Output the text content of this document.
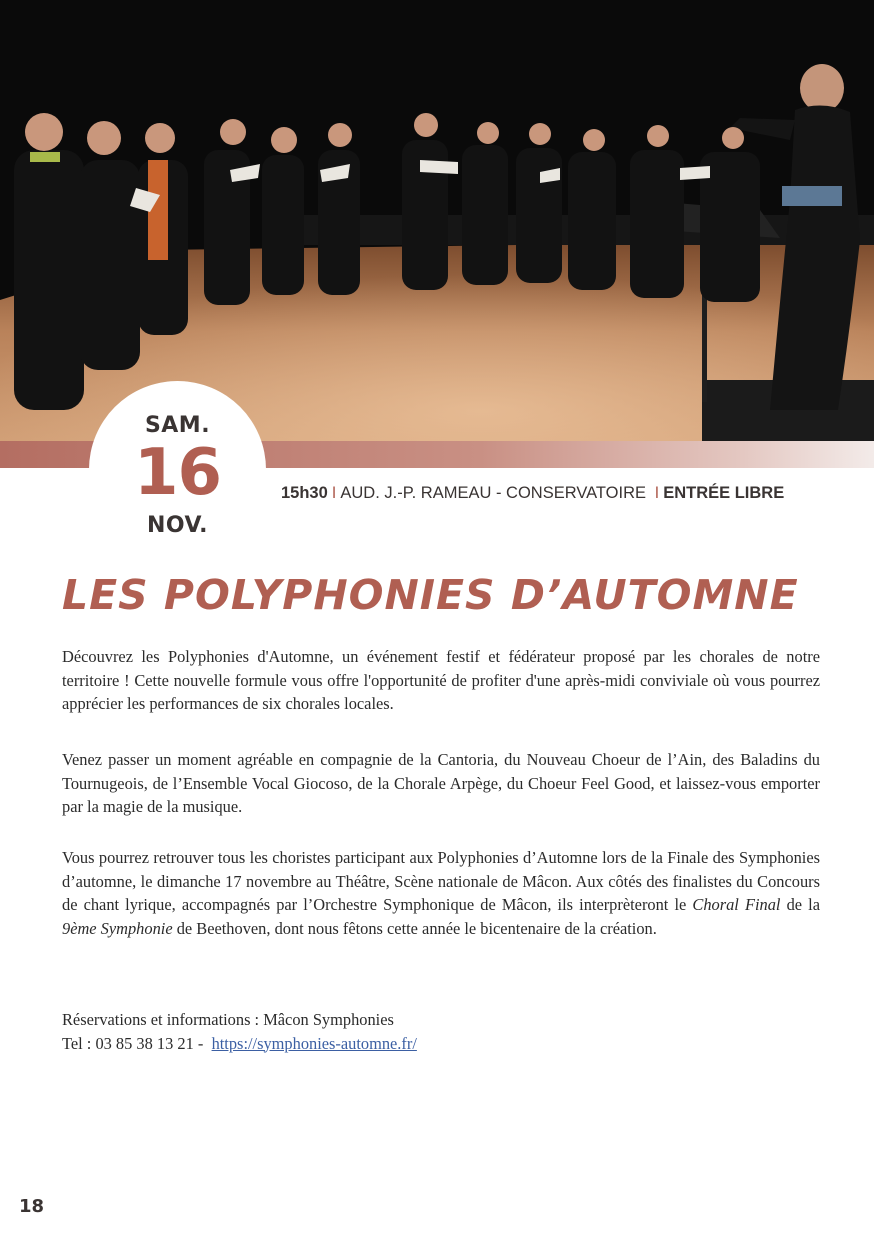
SAM.
16
NOV.
15h30 I AUD. J.-P. RAMEAU - CONSERVATOIRE I ENTRÉE LIBRE
LES POLYPHONIES D’AUTOMNE

Découvrez les Polyphonies d'Automne, un événement festif et fédérateur proposé par les chorales de notre territoire ! Cette nouvelle formule vous offre l'opportunité de profiter d'une après-midi conviviale où vous pourrez apprécier les performances de six chorales locales.

Venez passer un moment agréable en compagnie de la Cantoria, du Nouveau Choeur de l’Ain, des Baladins du Tournugeois, de l’Ensemble Vocal Giocoso, de la Chorale Arpège, du Choeur Feel Good, et laissez-vous emporter par la magie de la musique.

Vous pourrez retrouver tous les choristes participant aux Polyphonies d’Automne lors de la Finale des Symphonies d’automne, le dimanche 17 novembre au Théâtre, Scène nationale de Mâcon. Aux côtés des finalistes du Concours de chant lyrique, accompagnés par l’Orchestre Symphonique de Mâcon, ils interprèteront le Choral Final de la 9ème Symphonie de Beethoven, dont nous fêtons cette année le bicentenaire de la création.

Réservations et informations : Mâcon Symphonies
Tel : 03 85 38 13 21 - https://symphonies-automne.fr/
18
